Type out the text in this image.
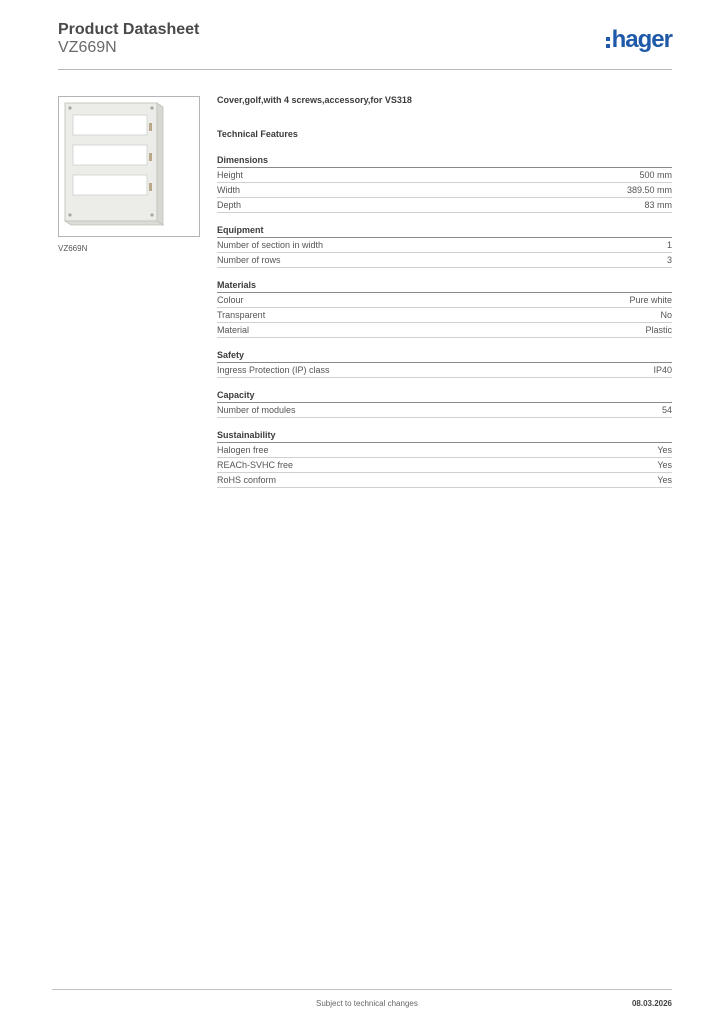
Product Datasheet
VZ669N	hager
VZ669N

Cover,golf,with 4 screws,accessory,for VS318

Technical Features

Dimensions
Height	500 mm
Width	389.50 mm
Depth	83 mm
Equipment
Number of section in width	1
Number of rows	3
Materials
Colour	Pure white
Transparent	No
Material	Plastic
Safety
Ingress Protection (IP) class	IP40
Capacity
Number of modules	54
Sustainability
Halogen free	Yes
REACh-SVHC free	Yes
RoHS conform	Yes
Subject to technical changes	08.03.2026
